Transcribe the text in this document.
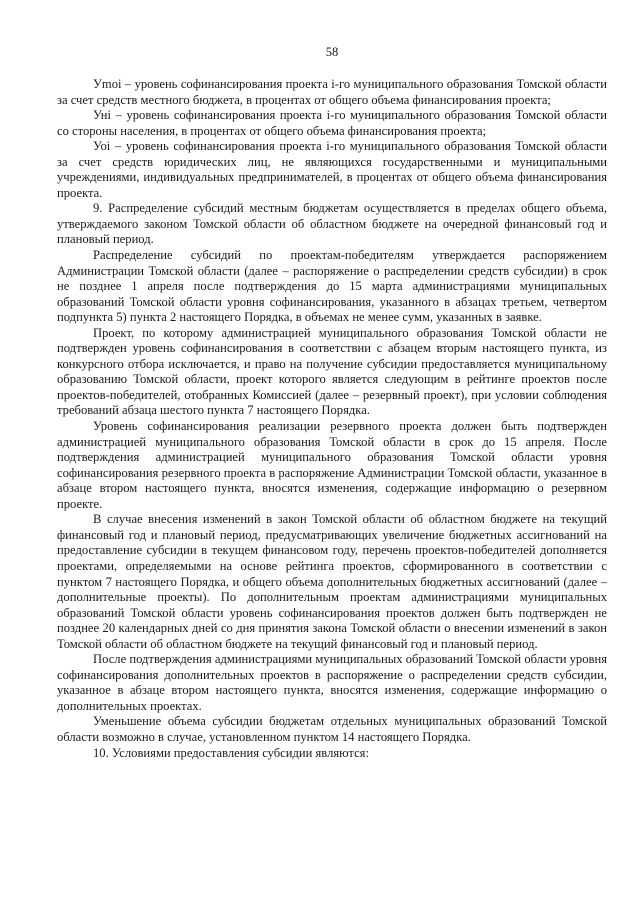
58

Уmoi – уровень софинансирования проекта i-го муниципального образования Томской области за счет средств местного бюджета, в процентах от общего объема финансирования проекта;

Уні – уровень софинансирования проекта i-го муниципального образования Томской области со стороны населения, в процентах от общего объема финансирования проекта;

Уоі – уровень софинансирования проекта i-го муниципального образования Томской области за счет средств юридических лиц, не являющихся государственными и муниципальными учреждениями, индивидуальных предпринимателей, в процентах от общего объема финансирования проекта.

9. Распределение субсидий местным бюджетам осуществляется в пределах общего объема, утверждаемого законом Томской области об областном бюджете на очередной финансовый год и плановый период.

Распределение субсидий по проектам-победителям утверждается распоряжением Администрации Томской области (далее – распоряжение о распределении средств субсидии) в срок не позднее 1 апреля после подтверждения до 15 марта администрациями муниципальных образований Томской области уровня софинансирования, указанного в абзацах третьем, четвертом подпункта 5) пункта 2 настоящего Порядка, в объемах не менее сумм, указанных в заявке.

Проект, по которому администрацией муниципального образования Томской области не подтвержден уровень софинансирования в соответствии с абзацем вторым настоящего пункта, из конкурсного отбора исключается, и право на получение субсидии предоставляется муниципальному образованию Томской области, проект которого является следующим в рейтинге проектов после проектов-победителей, отобранных Комиссией (далее – резервный проект), при условии соблюдения требований абзаца шестого пункта 7 настоящего Порядка.

Уровень софинансирования реализации резервного проекта должен быть подтвержден администрацией муниципального образования Томской области в срок до 15 апреля. После подтверждения администрацией муниципального образования Томской области уровня софинансирования резервного проекта в распоряжение Администрации Томской области, указанное в абзаце втором настоящего пункта, вносятся изменения, содержащие информацию о резервном проекте.

В случае внесения изменений в закон Томской области об областном бюджете на текущий финансовый год и плановый период, предусматривающих увеличение бюджетных ассигнований на предоставление субсидии в текущем финансовом году, перечень проектов-победителей дополняется проектами, определяемыми на основе рейтинга проектов, сформированного в соответствии с пунктом 7 настоящего Порядка, и общего объема дополнительных бюджетных ассигнований (далее – дополнительные проекты). По дополнительным проектам администрациями муниципальных образований Томской области уровень софинансирования проектов должен быть подтвержден не позднее 20 календарных дней со дня принятия закона Томской области о внесении изменений в закон Томской области об областном бюджете на текущий финансовый год и плановый период.

После подтверждения администрациями муниципальных образований Томской области уровня софинансирования дополнительных проектов в распоряжение о распределении средств субсидии, указанное в абзаце втором настоящего пункта, вносятся изменения, содержащие информацию о дополнительных проектах.

Уменьшение объема субсидии бюджетам отдельных муниципальных образований Томской области возможно в случае, установленном пунктом 14 настоящего Порядка.

10. Условиями предоставления субсидии являются:
